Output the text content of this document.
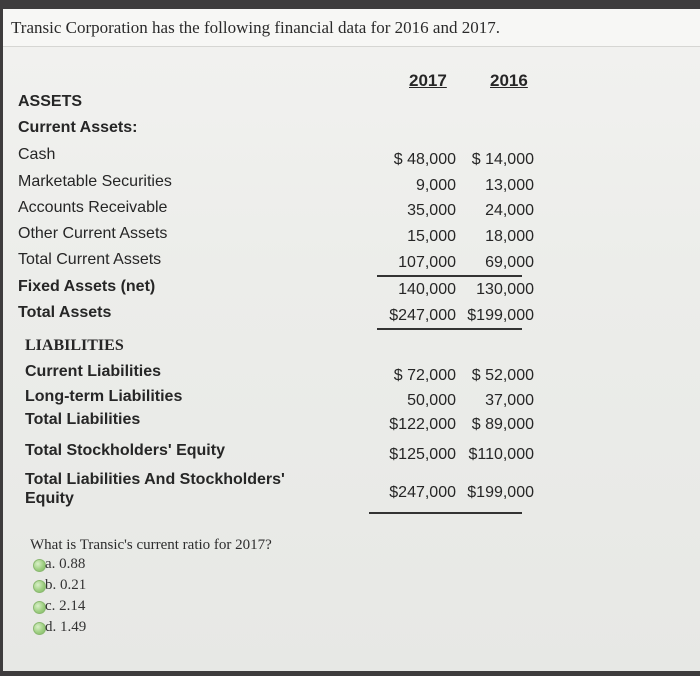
Transic Corporation has the following financial data for 2016 and 2017.
2017	2016
ASSETS
Current Assets:
Cash	$ 48,000 $ 14,000
Marketable Securities	9,000 13,000
Accounts Receivable	35,000 24,000
Other Current Assets	15,000 18,000
Total Current Assets	107,000 69,000
Fixed Assets (net)	140,000 130,000
Total Assets	$247,000 $199,000
LIABILITIES
Current Liabilities	$ 72,000 $ 52,000
Long-term Liabilities	50,000 37,000
Total Liabilities	$122,000 $ 89,000
Total Stockholders' Equity	$125,000 $110,000
Total Liabilities And Stockholders'
Equity	$247,000 $199,000
What is Transic's current ratio for 2017?
a. 0.88
b. 0.21
c. 2.14
d. 1.49
